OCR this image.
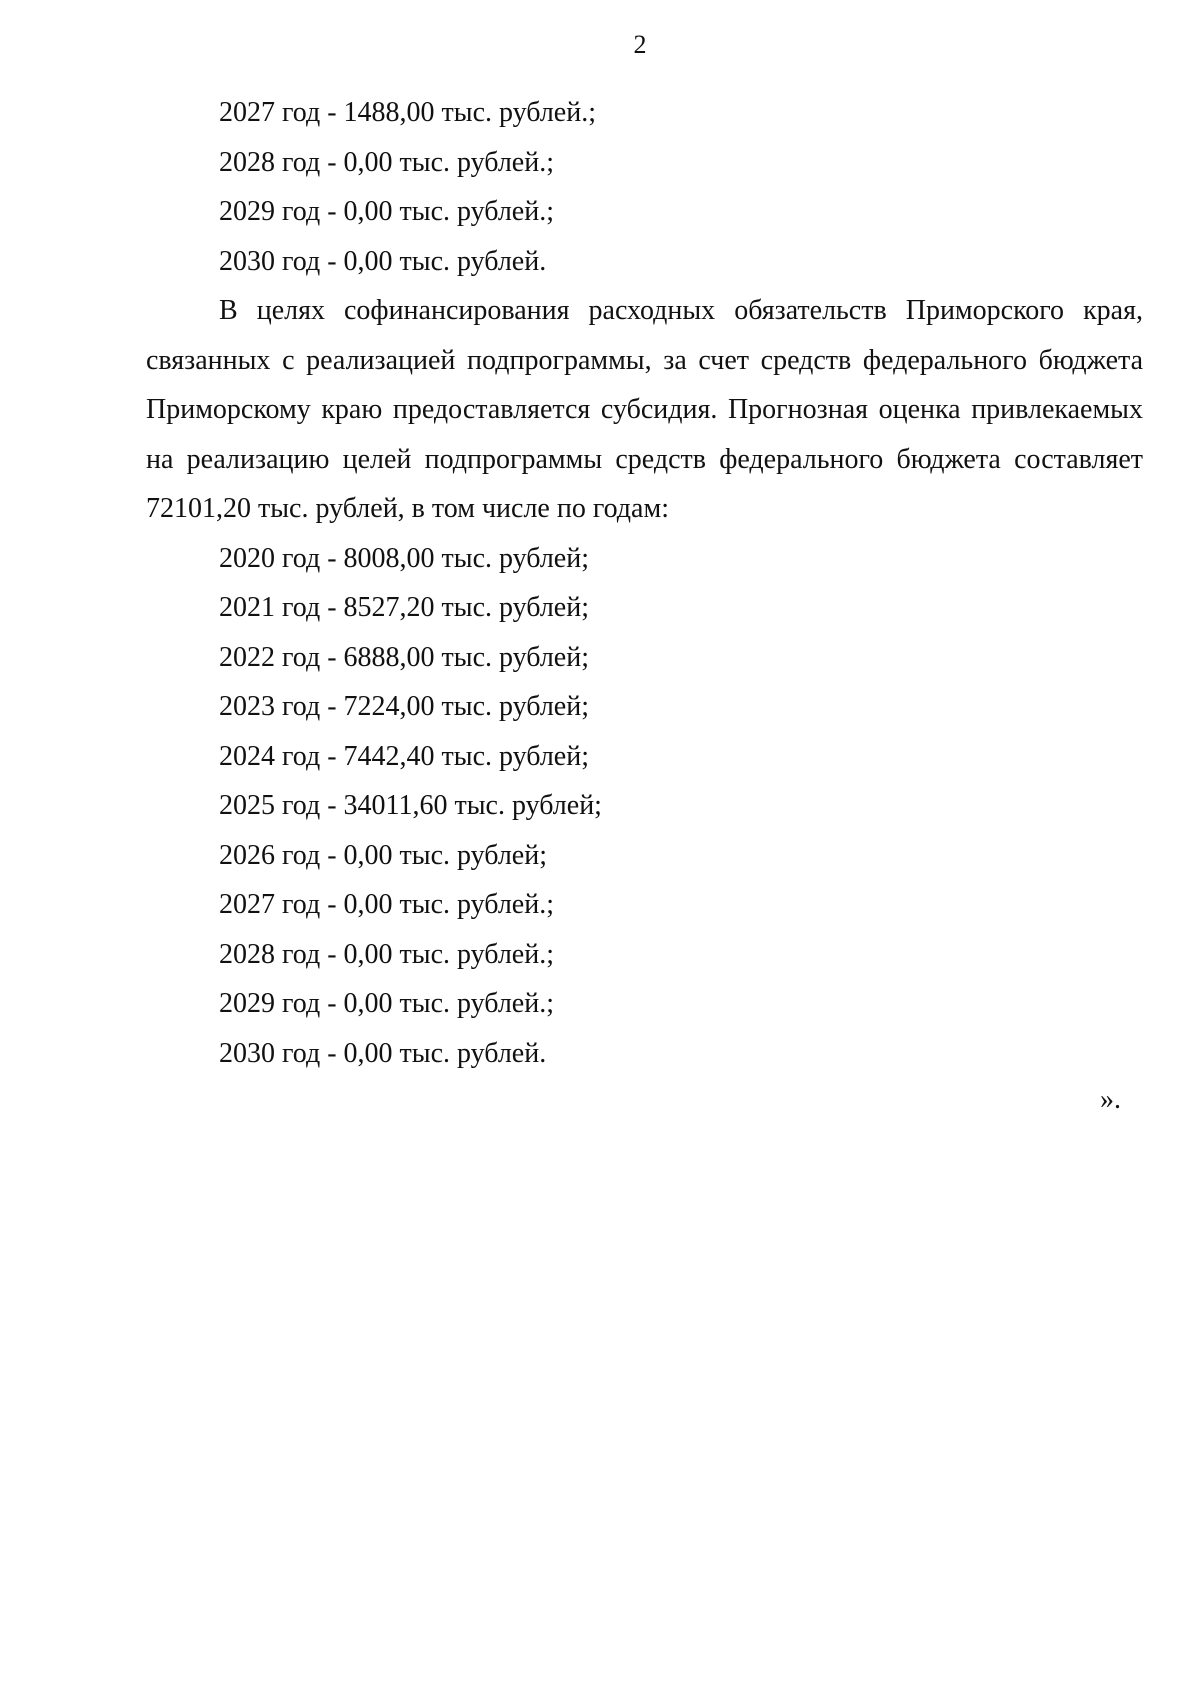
2
2027 год - 1488,00 тыс. рублей.;
2028 год - 0,00 тыс. рублей.;
2029 год - 0,00 тыс. рублей.;
2030 год - 0,00 тыс. рублей.

В целях софинансирования расходных обязательств Приморского края, связанных с реализацией подпрограммы, за счет средств федерального бюджета Приморскому краю предоставляется субсидия. Прогнозная оценка привлекаемых на реализацию целей подпрограммы средств федерального бюджета составляет 72101,20 тыс. рублей, в том числе по годам:

2020 год - 8008,00 тыс. рублей;
2021 год - 8527,20 тыс. рублей;
2022 год - 6888,00 тыс. рублей;
2023 год - 7224,00 тыс. рублей;
2024 год - 7442,40 тыс. рублей;
2025 год - 34011,60 тыс. рублей;
2026 год - 0,00 тыс. рублей;
2027 год - 0,00 тыс. рублей.;
2028 год - 0,00 тыс. рублей.;
2029 год - 0,00 тыс. рублей.;
2030 год - 0,00 тыс. рублей.
».
